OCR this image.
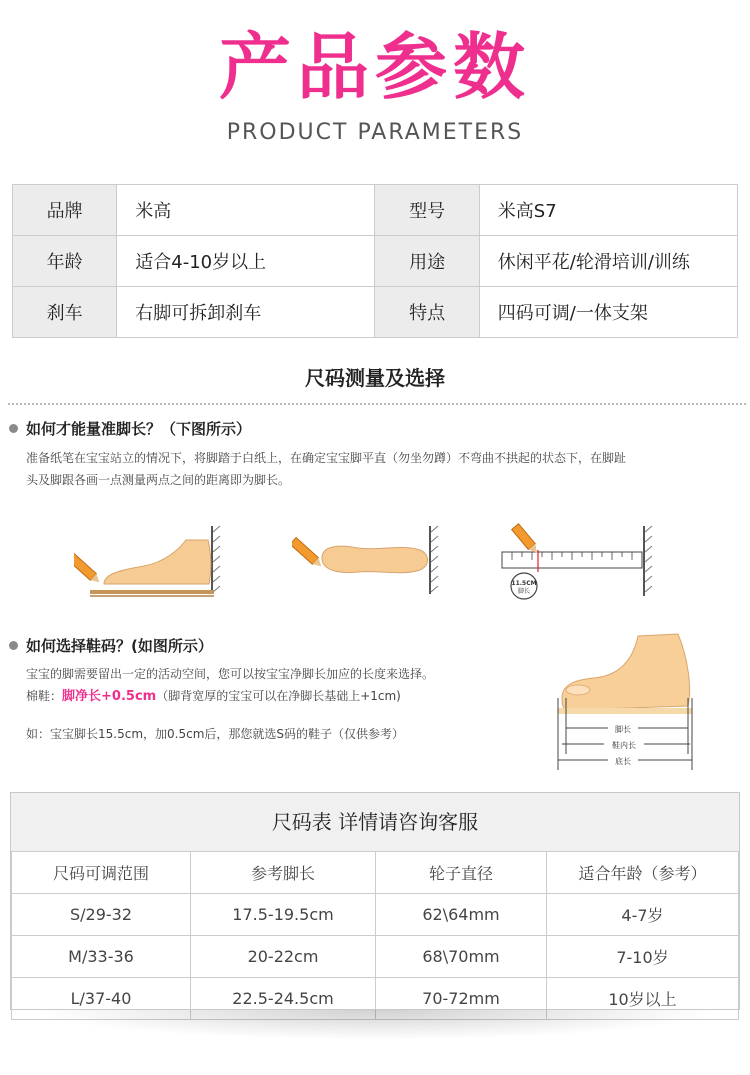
产品参数
PRODUCT PARAMETERS
品牌	米高	型号	米高S7
年龄	适合4-10岁以上	用途	休闲平花/轮滑培训/训练
刹车	右脚可拆卸刹车	特点	四码可调/一体支架
尺码测量及选择
如何才能量准脚长？（下图所示）
准备纸笔在宝宝站立的情况下，将脚踏于白纸上，在确定宝宝脚平直（勿坐勿蹲）不弯曲不拱起的状态下，在脚趾
头及脚跟各画一点测量两点之间的距离即为脚长。
11.5CM
脚长
如何选择鞋码？(如图所示）
宝宝的脚需要留出一定的活动空间，您可以按宝宝净脚长加应的长度来选择。
棉鞋：脚净长+0.5cm（脚背宽厚的宝宝可以在净脚长基础上+1cm)
如：宝宝脚长15.5cm，加0.5cm后，那您就选S码的鞋子（仅供参考）	脚长
鞋内长
底长
尺码表 详情请咨询客服
尺码可调范围	参考脚长	轮子直径	适合年龄（参考）
S/29-32	17.5-19.5cm	62\64mm	4-7岁
M/33-36	20-22cm	68\70mm	7-10岁
L/37-40	22.5-24.5cm	70-72mm	10岁以上
